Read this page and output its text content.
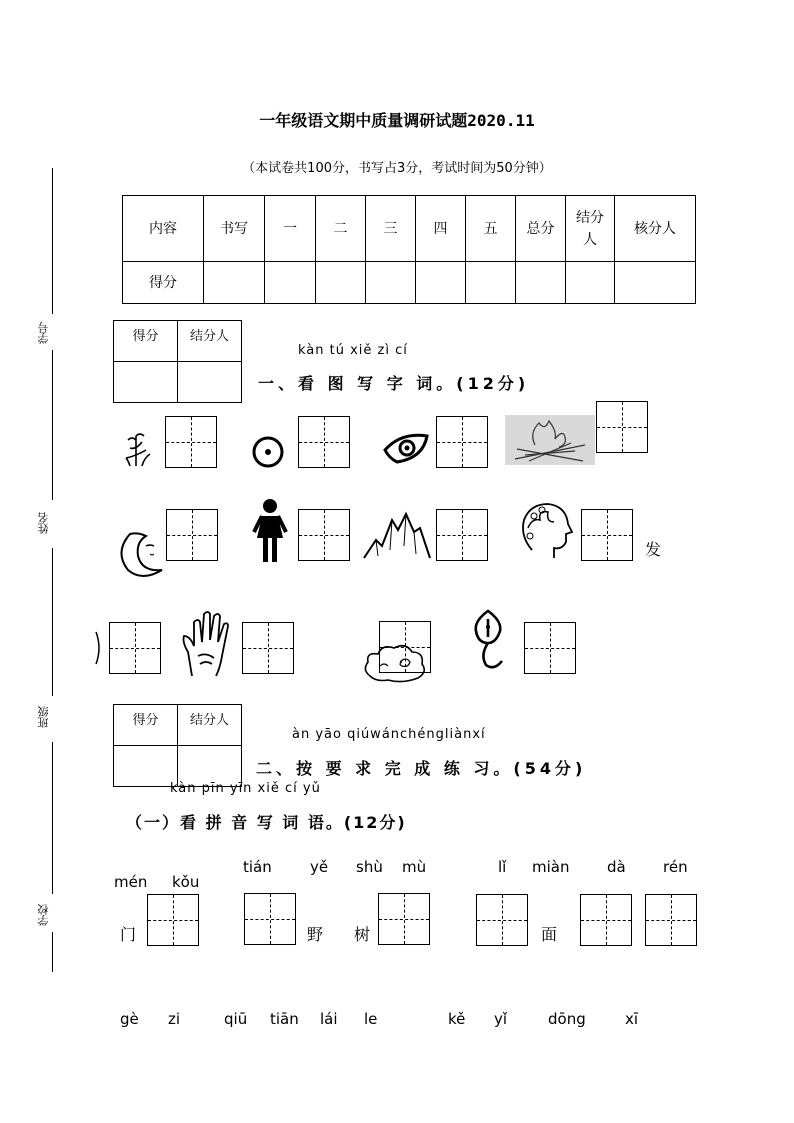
一年级语文期中质量调研试题2020.11
（本试卷共100分，书写占3分，考试时间为50分钟）
学号
姓名
班级
学校
内容	书写	一	二	三	四	五	总分	结分人	核分人
得分									
得分	结分人

kàn tú xiě zì cí
一、看 图 写 字 词。(12分)
发
得分	结分人

àn yāo qiúwánchéngliànxí
二、按 要 求 完 成 练 习。(54分)
kàn pīn yīn xiě cí yǔ
（一）看 拼 音 写 词 语。(12分)
mén kǒu
tián	yě shù mù	lǐ miàn	dà rén
门	野 树	面
gè zi	qiū tiān lái le	kě yǐ	dōng	xī
